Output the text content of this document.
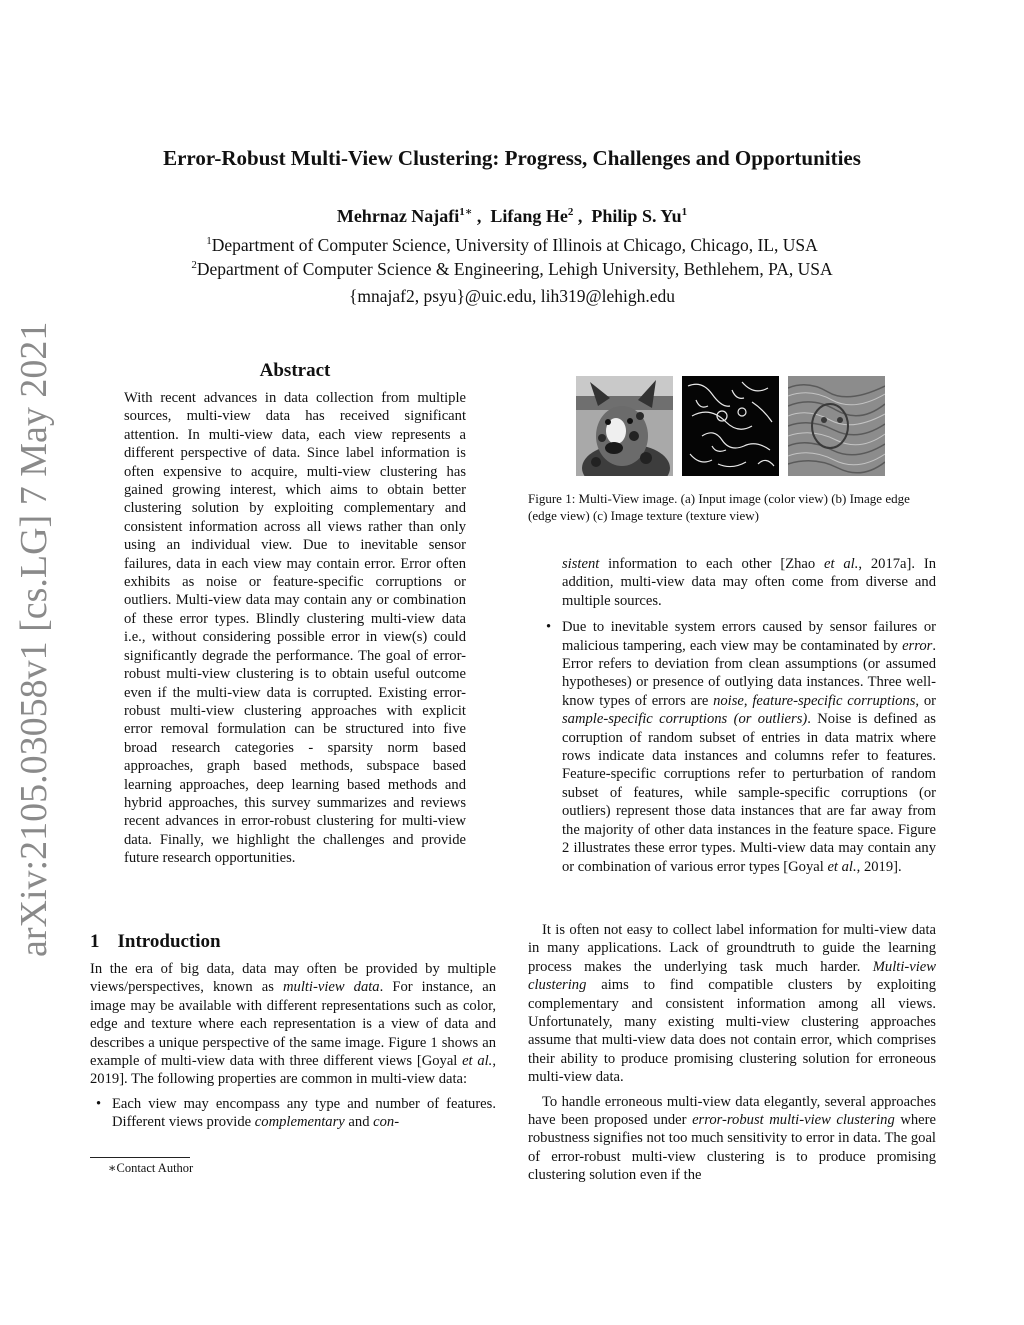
arXiv:2105.03058v1 [cs.LG] 7 May 2021
Error-Robust Multi-View Clustering: Progress, Challenges and Opportunities
Mehrnaz Najafi$^{1∗}$ ,  Lifang He$^2$ ,  Philip S. Yu$^1$
$^1$Department of Computer Science, University of Illinois at Chicago, Chicago, IL, USA
$^2$Department of Computer Science & Engineering, Lehigh University, Bethlehem, PA, USA
{mnajaf2, psyu}@uic.edu, lih319@lehigh.edu
Abstract
With recent advances in data collection from multiple sources, multi-view data has received significant attention. In multi-view data, each view represents a different perspective of data. Since label information is often expensive to acquire, multi-view clustering has gained growing interest, which aims to obtain better clustering solution by exploiting complementary and consistent information across all views rather than only using an individual view. Due to inevitable sensor failures, data in each view may contain error. Error often exhibits as noise or feature-specific corruptions or outliers. Multi-view data may contain any or combination of these error types. Blindly clustering multi-view data i.e., without considering possible error in view(s) could significantly degrade the performance. The goal of error-robust multi-view clustering is to obtain useful outcome even if the multi-view data is corrupted. Existing error-robust multi-view clustering approaches with explicit error removal formulation can be structured into five broad research categories - sparsity norm based approaches, graph based methods, subspace based learning approaches, deep learning based methods and hybrid approaches, this survey summarizes and reviews recent advances in error-robust clustering for multi-view data. Finally, we highlight the challenges and provide future research opportunities.
1 Introduction
In the era of big data, data may often be provided by multiple views/perspectives, known as multi-view data. For instance, an image may be available with different representations such as color, edge and texture where each representation is a view of data and describes a unique perspective of the same image. Figure 1 shows an example of multi-view data with three different views [Goyal et al., 2019]. The following properties are common in multi-view data:
• Each view may encompass any type and number of features. Different views provide complementary and con-
∗Contact Author
Figure 1: Multi-View image. (a) Input image (color view) (b) Image edge (edge view) (c) Image texture (texture view)
sistent information to each other [Zhao et al., 2017a]. In addition, multi-view data may often come from diverse and multiple sources.
• Due to inevitable system errors caused by sensor failures or malicious tampering, each view may be contaminated by error. Error refers to deviation from clean assumptions (or assumed hypotheses) or presence of outlying data instances. Three well-know types of errors are noise, feature-specific corruptions, or sample-specific corruptions (or outliers). Noise is defined as corruption of random subset of entries in data matrix where rows indicate data instances and columns refer to features. Feature-specific corruptions refer to perturbation of random subset of features, while sample-specific corruptions (or outliers) represent those data instances that are far away from the majority of other data instances in the feature space. Figure 2 illustrates these error types. Multi-view data may contain any or combination of various error types [Goyal et al., 2019].

It is often not easy to collect label information for multi-view data in many applications. Lack of groundtruth to guide the learning process makes the underlying task much harder. Multi-view clustering aims to find compatible clusters by exploiting complementary and consistent information among all views. Unfortunately, many existing multi-view clustering approaches assume that multi-view data does not contain error, which comprises their ability to produce promising clustering solution for erroneous multi-view data.

To handle erroneous multi-view data elegantly, several approaches have been proposed under error-robust multi-view clustering where robustness signifies not too much sensitivity to error in data. The goal of error-robust multi-view clustering is to produce promising clustering solution even if the
